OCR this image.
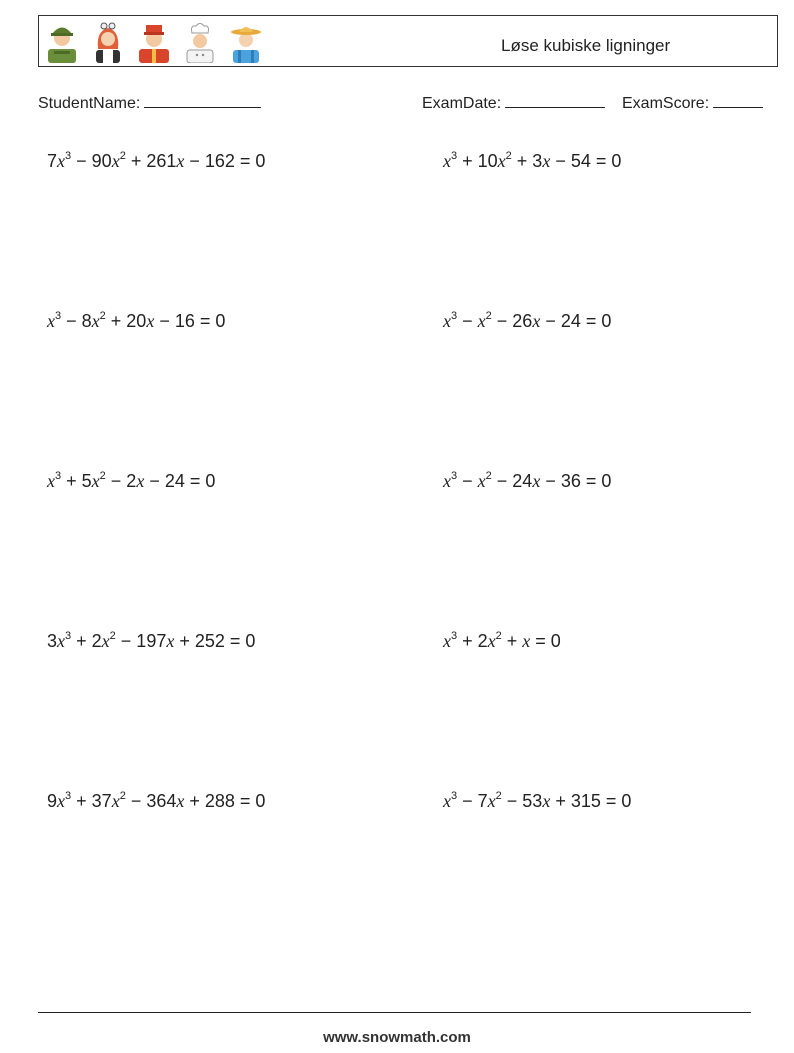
Løse kubiske ligninger
StudentName:	ExamDate:	ExamScore:
$7x^3 - 90x^2 + 261x - 162 = 0$	$x^3 + 10x^2 + 3x - 54 = 0$
$x^3 - 8x^2 + 20x - 16 = 0$	$x^3 - x^2 - 26x - 24 = 0$
$x^3 + 5x^2 - 2x - 24 = 0$	$x^3 - x^2 - 24x - 36 = 0$
$3x^3 + 2x^2 - 197x + 252 = 0$	$x^3 + 2x^2 + x = 0$
$9x^3 + 37x^2 - 364x + 288 = 0$	$x^3 - 7x^2 - 53x + 315 = 0$
www.snowmath.com
